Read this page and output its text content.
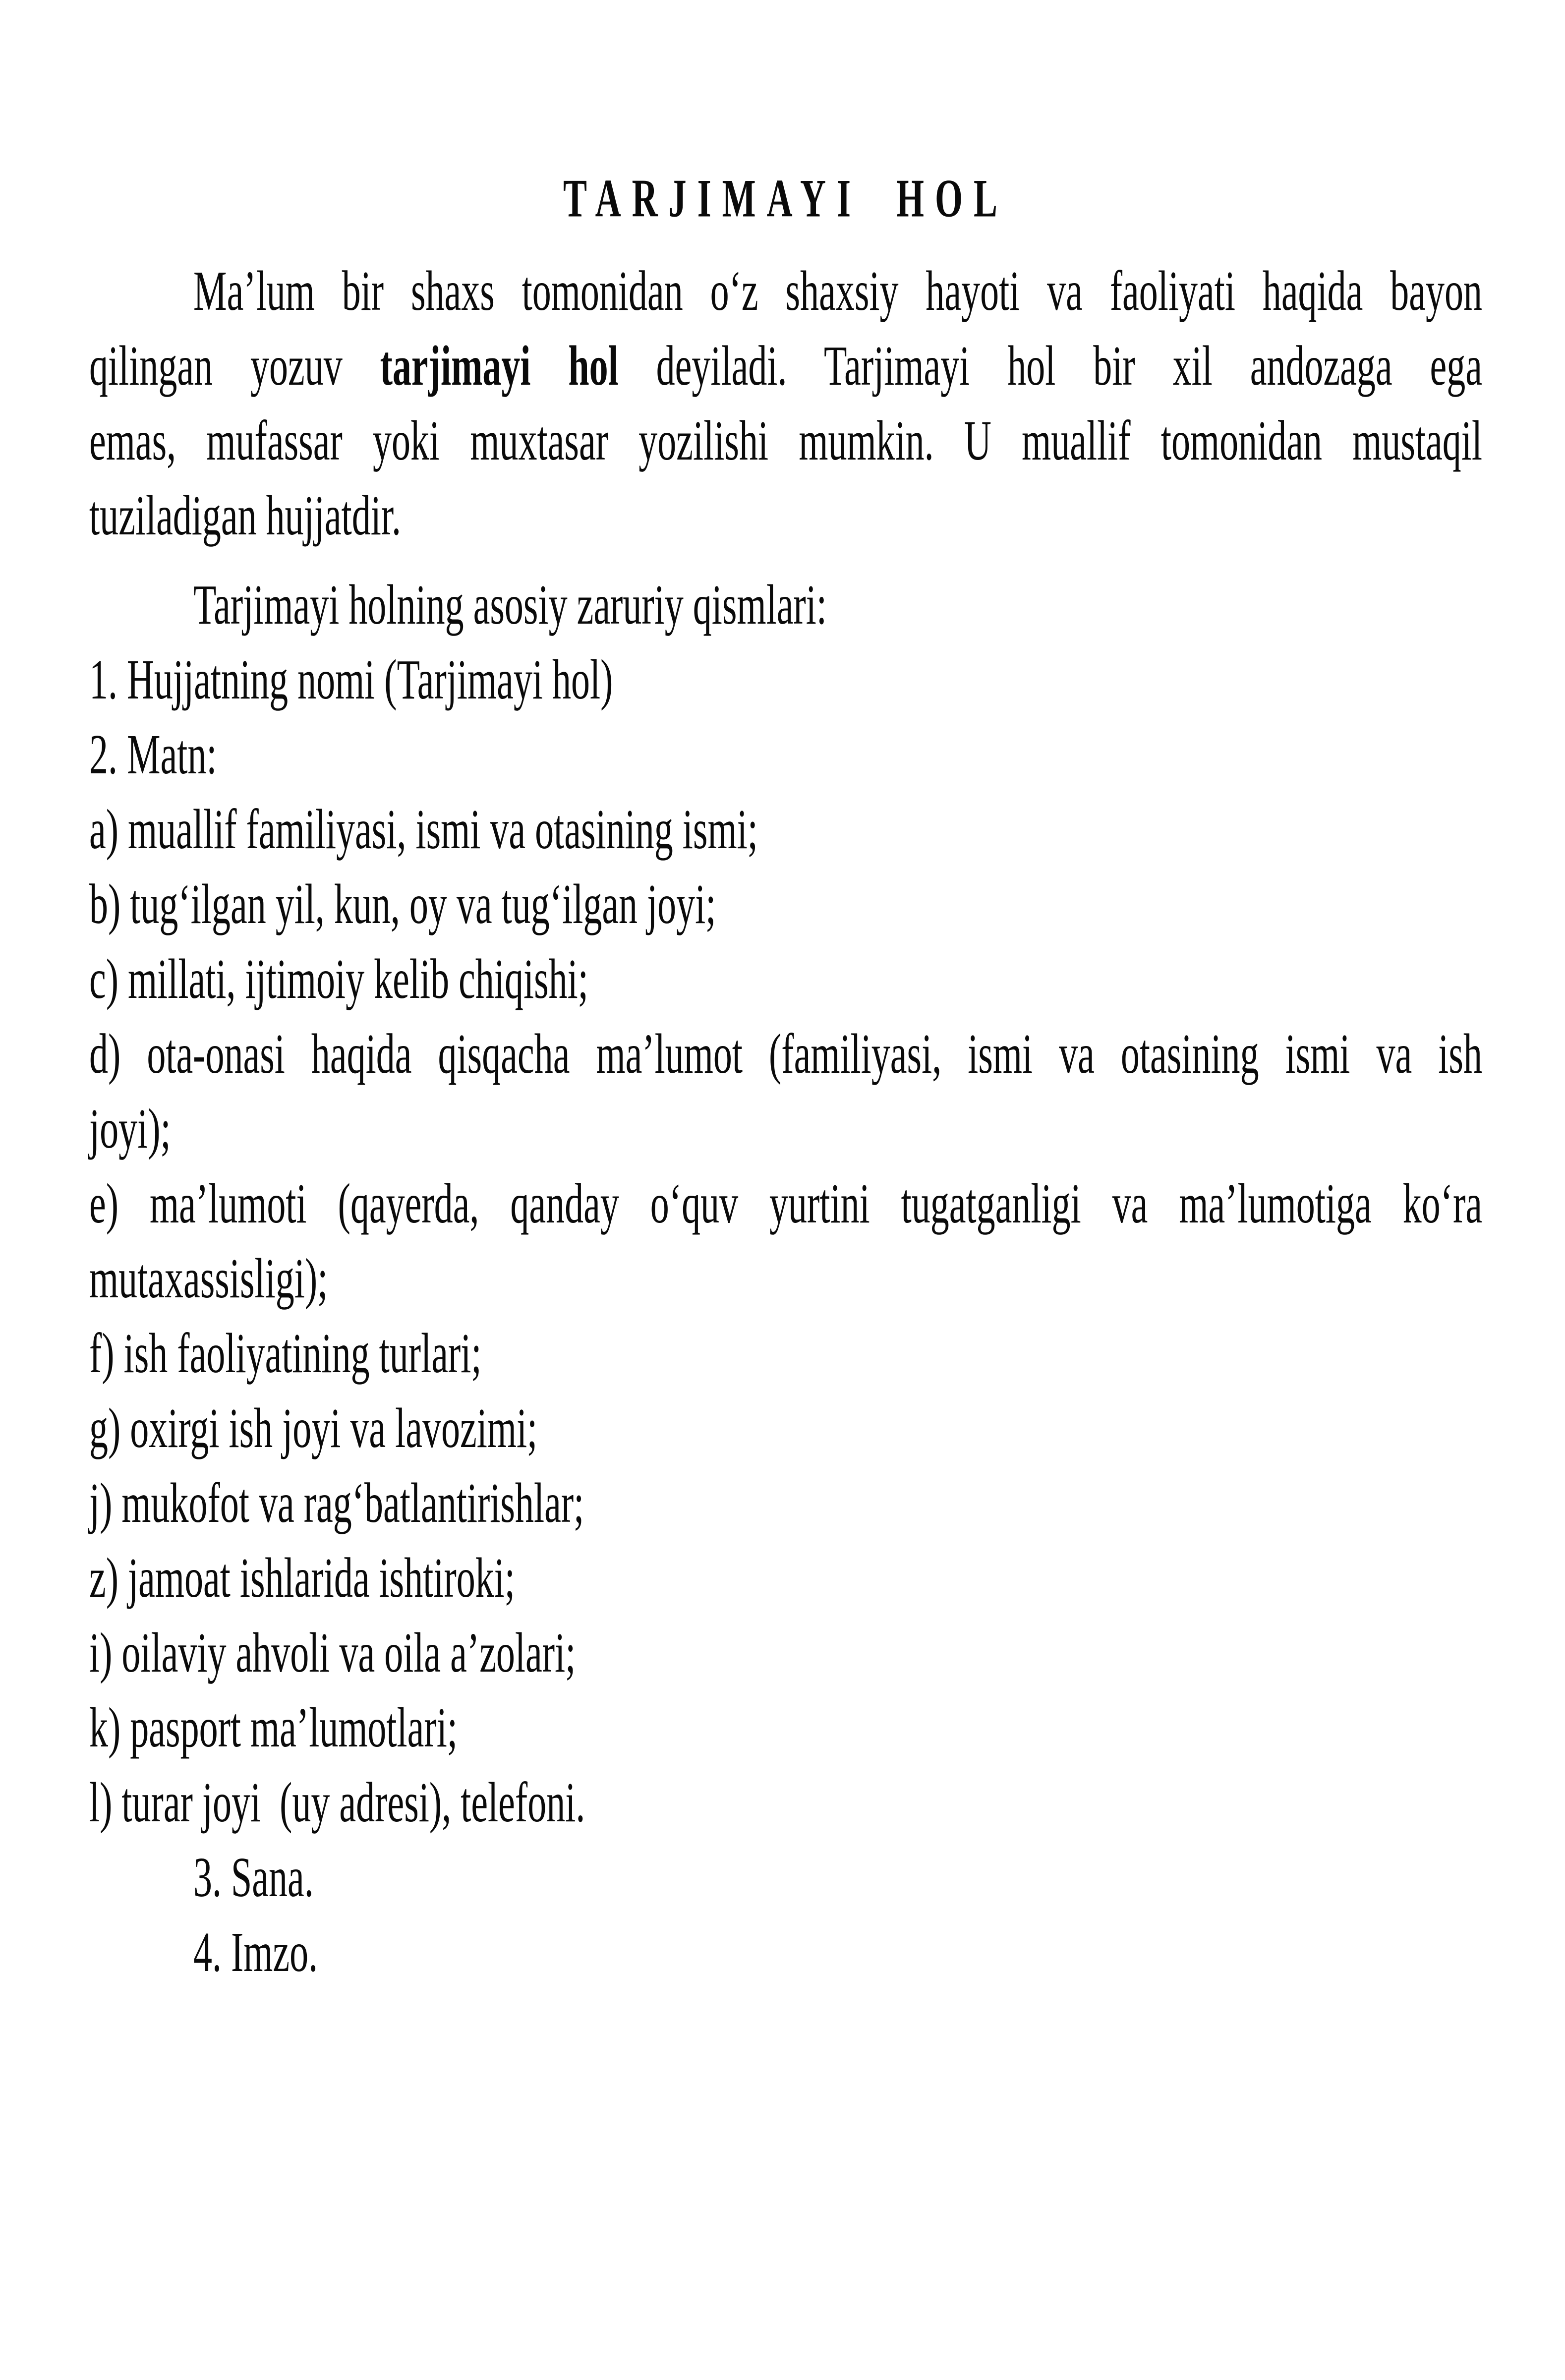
TARJIMAYI HOL
Ma’lum bir shaxs tomonidan o‘z shaxsiy hayoti va faoliyati haqida bayon
qilingan yozuv tarjimayi hol deyiladi. Tarjimayi hol bir xil andozaga ega
emas, mufassar yoki muxtasar yozilishi mumkin. U muallif tomonidan mustaqil
tuziladigan hujjatdir.
Tarjimayi holning asosiy zaruriy qismlari:
1. Hujjatning nomi (Tarjimayi hol)
2. Matn:
a) muallif familiyasi, ismi va otasining ismi;
b) tug‘ilgan yil, kun, oy va tug‘ilgan joyi;
c) millati, ijtimoiy kelib chiqishi;
d) ota-onasi haqida qisqacha ma’lumot (familiyasi, ismi va otasining ismi va ish
joyi);
e) ma’lumoti (qayerda, qanday o‘quv yurtini tugatganligi va ma’lumotiga ko‘ra
mutaxassisligi);
f) ish faoliyatining turlari;
g) oxirgi ish joyi va lavozimi;
j) mukofot va rag‘batlantirishlar;
z) jamoat ishlarida ishtiroki;
i) oilaviy ahvoli va oila a’zolari;
k) pasport ma’lumotlari;
l) turar joyi  (uy adresi), telefoni.
3. Sana.
4. Imzo.
